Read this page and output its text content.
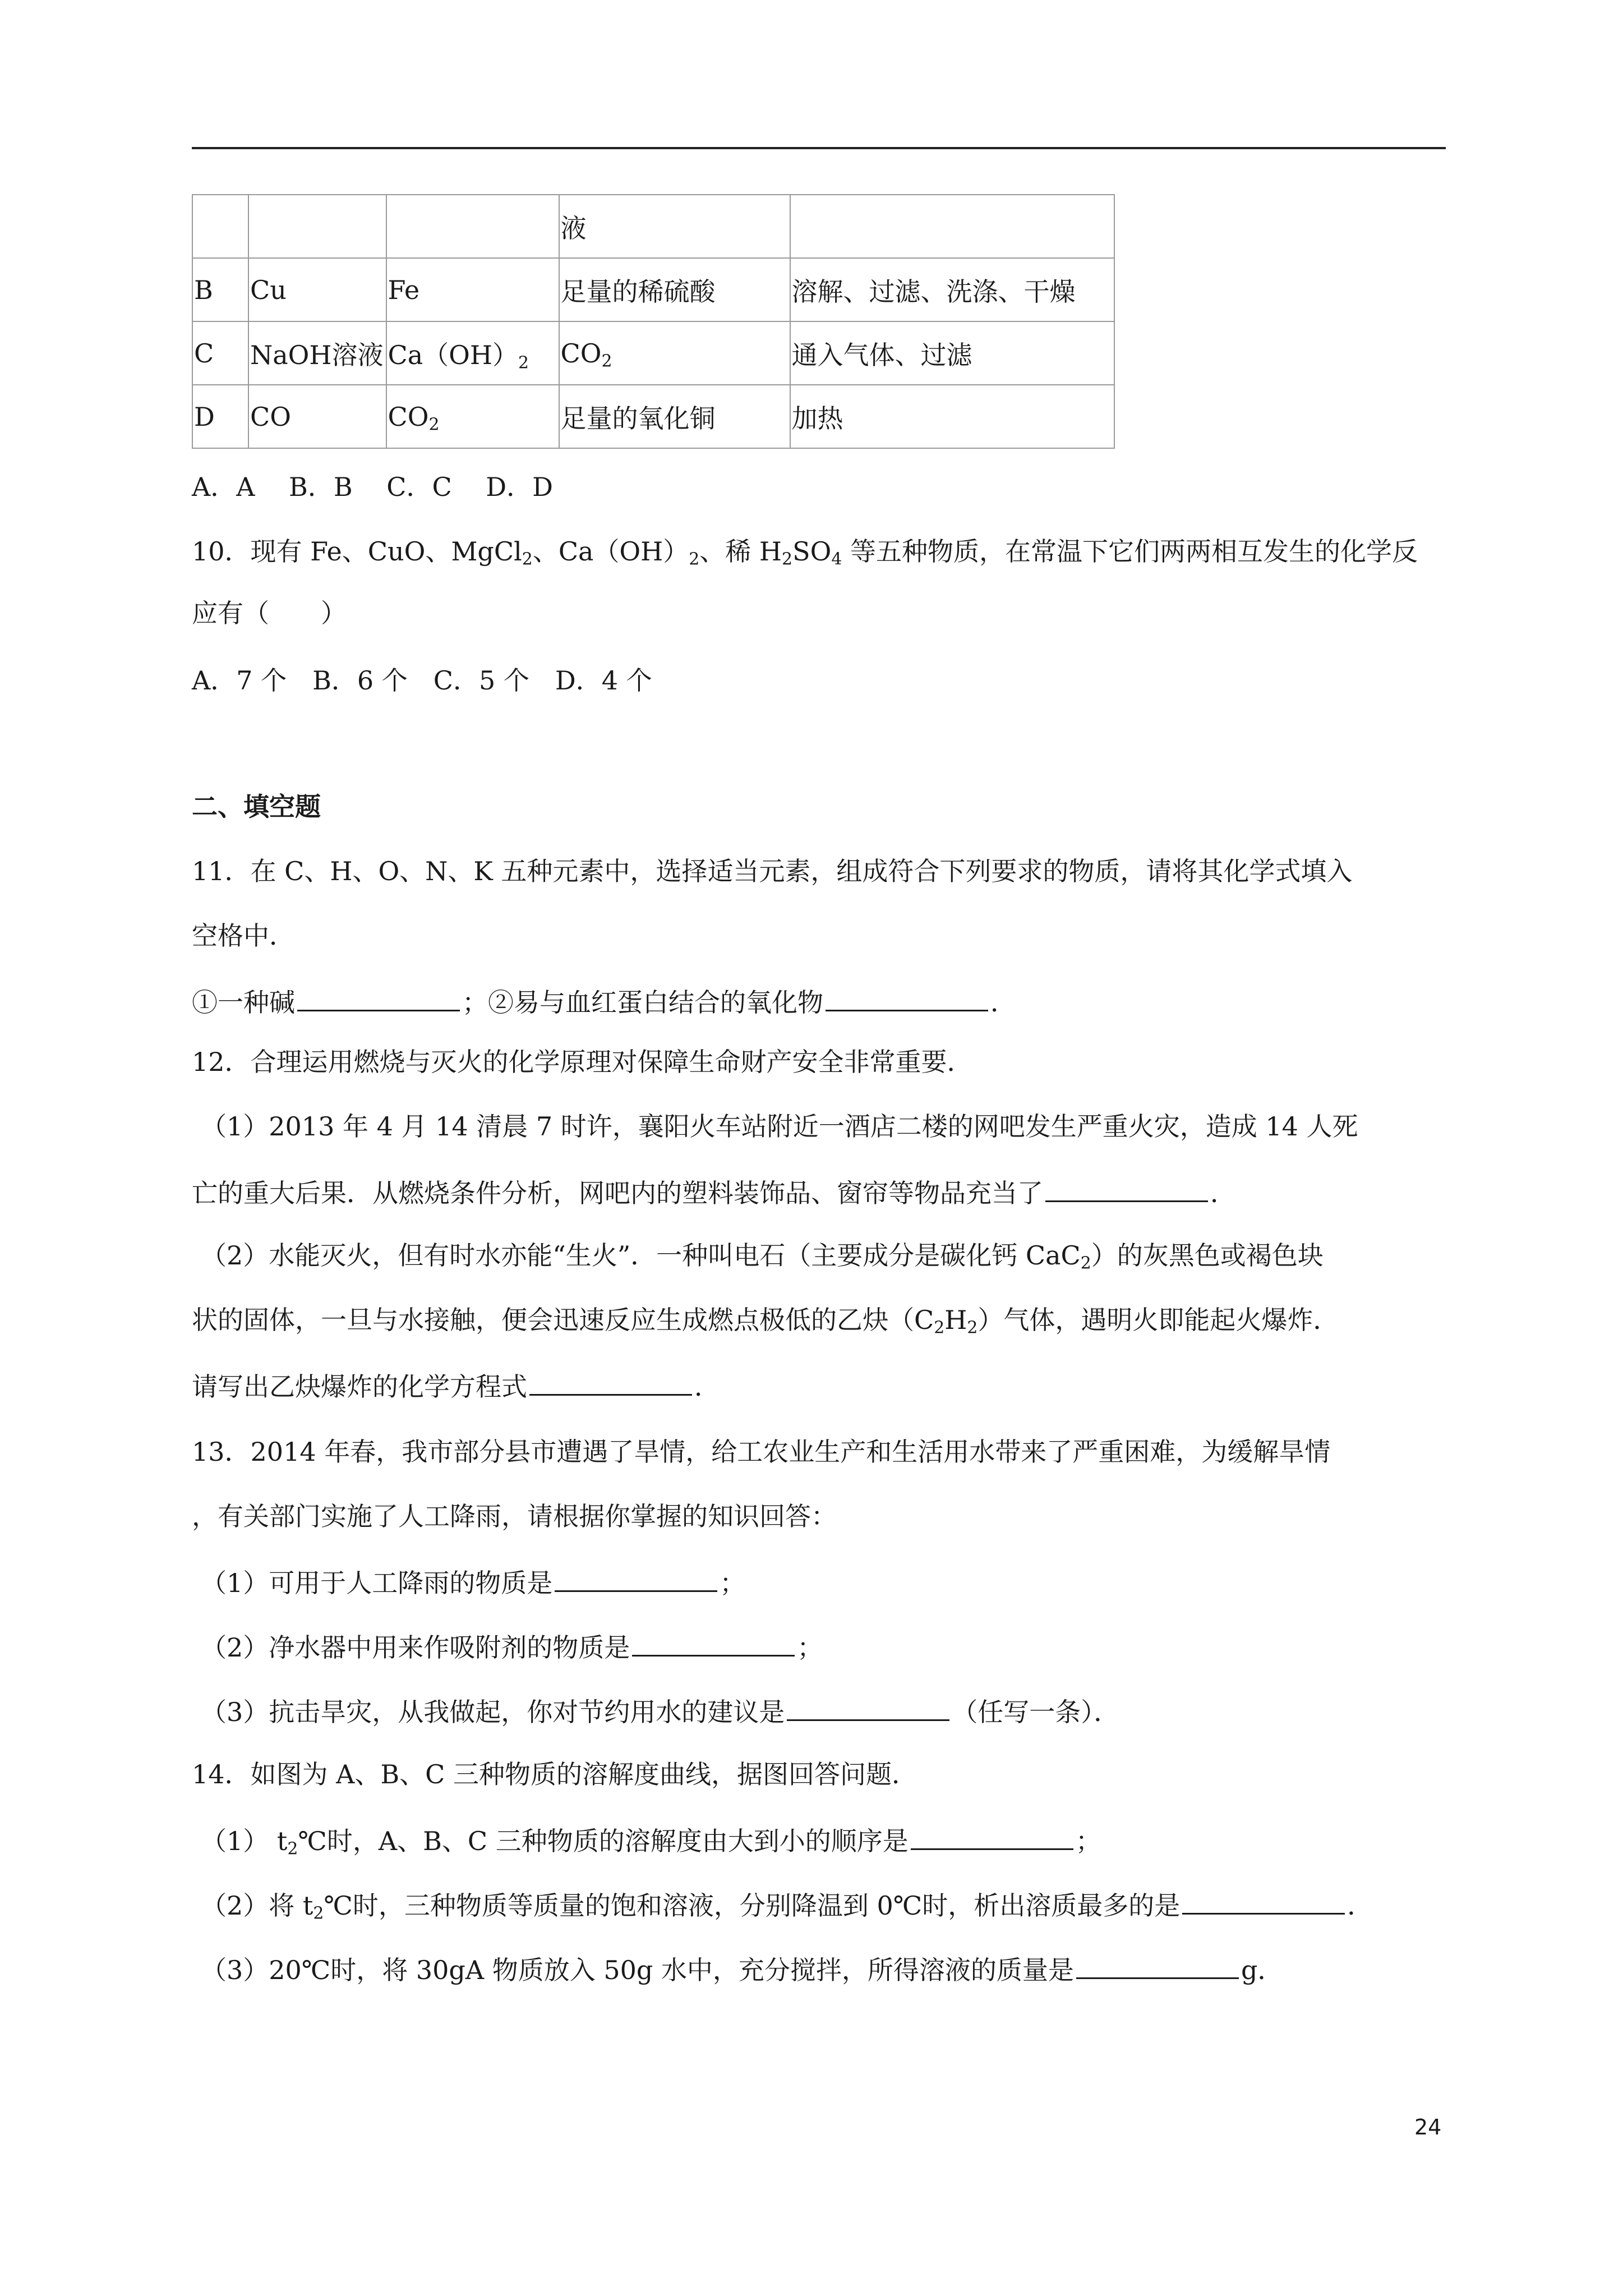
			液	
B	Cu	Fe	足量的稀硫酸	溶解、过滤、洗涤、干燥
C	NaOH溶液	$Ca(OH)_2$	$CO_2$	通入气体、过滤
D	CO	$CO_2$	足量的氧化铜	加热
A．A　 B．B　 C．C　 D．D
10．现有 Fe、CuO、MgCl$_2$、$Ca(OH)_2$、稀 $H_2SO_4$ 等五种物质，在常温下它们两两相互发生的化学反
应有（　　）
A．7 个　B．6 个　C．5 个　D．4 个
二、填空题
11．在 C、H、O、N、K 五种元素中，选择适当元素，组成符合下列要求的物质，请将其化学式填入
空格中．
①一种碱	；②易与血红蛋白结合的氧化物	．
12．合理运用燃烧与灭火的化学原理对保障生命财产安全非常重要．
（1）2013 年 4 月 14 清晨 7 时许，襄阳火车站附近一酒店二楼的网吧发生严重火灾，造成 14 人死
亡的重大后果．从燃烧条件分析，网吧内的塑料装饰品、窗帘等物品充当了	．
（2）水能灭火，但有时水亦能“生火”．一种叫电石（主要成分是碳化钙 CaC$_2$）的灰黑色或褐色块
状的固体，一旦与水接触，便会迅速反应生成燃点极低的乙炔$(C_2H_2)$气体，遇明火即能起火爆炸．
请写出乙炔爆炸的化学方程式	．
13．2014 年春，我市部分县市遭遇了旱情，给工农业生产和生活用水带来了严重困难，为缓解旱情
，有关部门实施了人工降雨，请根据你掌握的知识回答：
（1）可用于人工降雨的物质是	；
（2）净水器中用来作吸附剂的物质是	；
（3）抗击旱灾，从我做起，你对节约用水的建议是	（任写一条）．
14．如图为 A、B、C 三种物质的溶解度曲线，据图回答问题．
（1） $t_2℃$时，A、B、C 三种物质的溶解度由大到小的顺序是	；
（2）将 $t_2℃$时，三种物质等质量的饱和溶液，分别降温到 0℃时，析出溶质最多的是	．
（3）20℃时，将 30gA 物质放入 50g 水中，充分搅拌，所得溶液的质量是	g．
24
